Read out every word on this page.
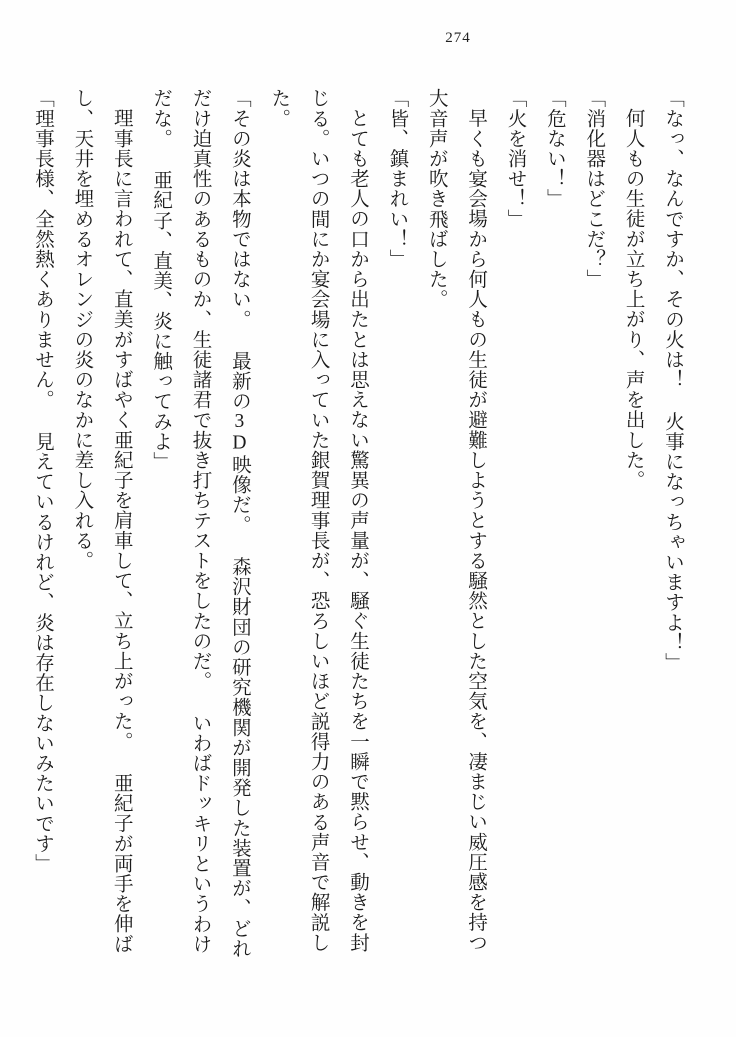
274

「なっ、なんですか、その火は！ 火事になっちゃいますよ！」

何人もの生徒が立ち上がり、声を出した。

「消化器はどこだ？」

「危ない！」

「火を消せ！」

早くも宴会場から何人もの生徒が避難しようとする騒然とした空気を、凄まじい威圧感を持つ大音声が吹き飛ばした。

「皆、鎮まれい！」

とても老人の口から出たとは思えない驚異の声量が、騒ぐ生徒たちを一瞬で黙らせ、動きを封じる。いつの間にか宴会場に入っていた銀賀理事長が、恐ろしいほど説得力のある声音で解説した。

「その炎は本物ではない。 最新の3D映像だ。 森沢財団の研究機関が開発した装置が、どれだけ迫真性のあるものか、生徒諸君で抜き打ちテストをしたのだ。 いわばドッキリというわけだな。 亜紀子、直美、炎に触ってみよ」

理事長に言われて、直美がすばやく亜紀子を肩車して、立ち上がった。 亜紀子が両手を伸ばし、天井を埋めるオレンジの炎のなかに差し入れる。

「理事長様、全然熱くありません。 見えているけれど、炎は存在しないみたいです」
